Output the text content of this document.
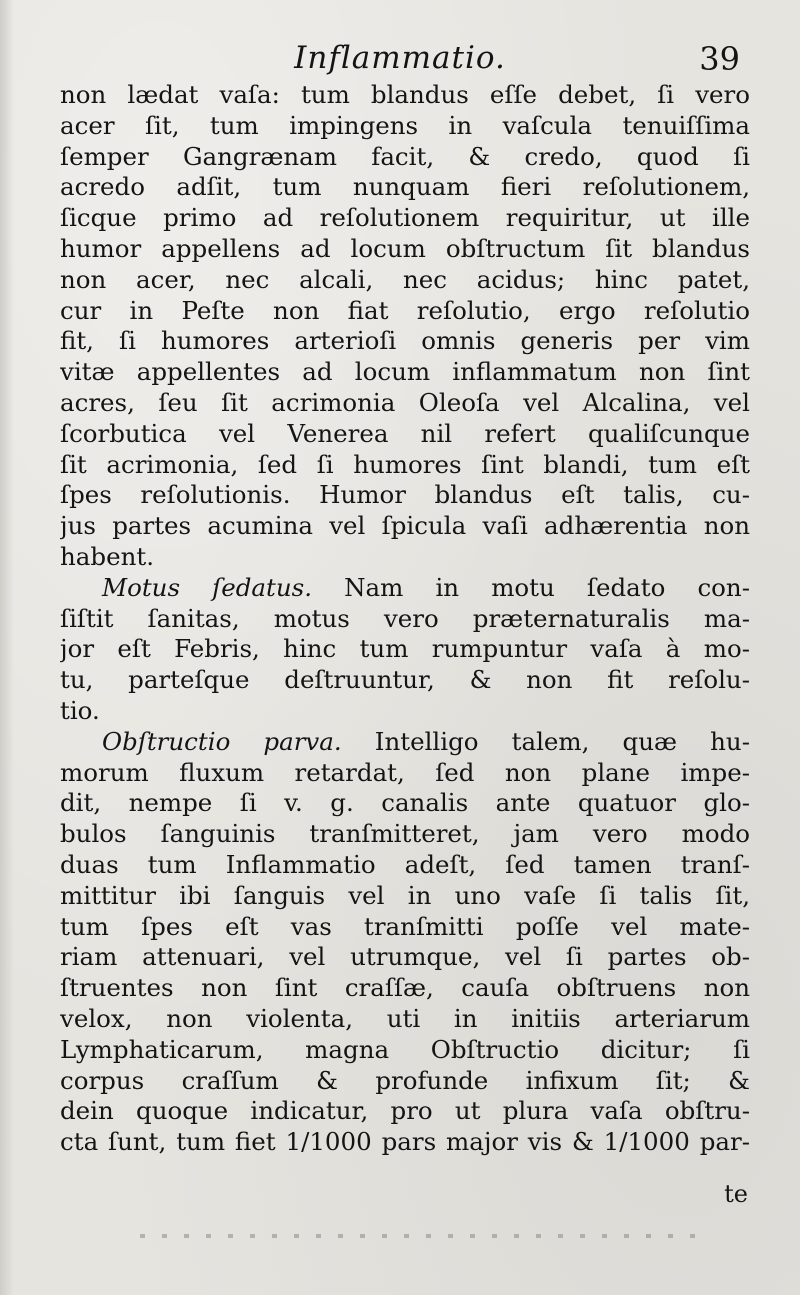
Inflammatio.	39
non lædat vaſa: tum blandus eſſe debet, ſi vero
acer ſit, tum impingens in vaſcula tenuiſſima
ſemper Gangrænam facit, & credo, quod ſi
acredo adſit, tum nunquam fieri reſolutionem,
ſicque primo ad reſolutionem requiritur, ut ille
humor appellens ad locum obſtructum ſit blandus
non acer, nec alcali, nec acidus; hinc patet,
cur in Peſte non fiat reſolutio, ergo reſolutio
fit, ſi humores arterioſi omnis generis per vim
vitæ appellentes ad locum inflammatum non ſint
acres, ſeu ſit acrimonia Oleoſa vel Alcalina, vel
ſcorbutica vel Venerea nil refert qualiſcunque
ſit acrimonia, ſed ſi humores ſint blandi, tum eſt
ſpes reſolutionis. Humor blandus eſt talis, cu-
jus partes acumina vel ſpicula vaſi adhærentia non
habent.
Motus ſedatus. Nam in motu ſedato con-
ſiſtit ſanitas, motus vero præternaturalis ma-
jor eſt Febris, hinc tum rumpuntur vaſa à mo-
tu, parteſque deſtruuntur, & non fit reſolu-
tio.
Obſtructio parva. Intelligo talem, quæ hu-
morum fluxum retardat, ſed non plane impe-
dit, nempe ſi v. g. canalis ante quatuor glo-
bulos ſanguinis tranſmitteret, jam vero modo
duas tum Inflammatio adeſt, ſed tamen tranſ-
mittitur ibi ſanguis vel in uno vaſe ſi talis ſit,
tum ſpes eſt vas tranſmitti poſſe vel mate-
riam attenuari, vel utrumque, vel ſi partes ob-
ſtruentes non ſint craſſæ, cauſa obſtruens non
velox, non violenta, uti in initiis arteriarum
Lymphaticarum, magna Obſtructio dicitur; ſi
corpus craſſum & profunde infixum ſit; &
dein quoque indicatur, pro ut plura vaſa obſtru-
cta ſunt, tum fiet 1/1000 pars major vis & 1/1000 par-
te
